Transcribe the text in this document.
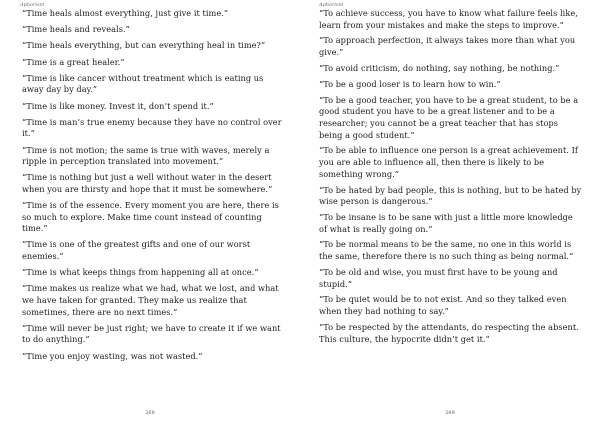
Aphorism

“Time heals almost everything, just give it time.”

“Time heals and reveals.”

“Time heals everything, but can everything heal in time?”

“Time is a great healer.”

“Time is like cancer without treatment which is eating us away day by day.”

“Time is like money. Invest it, don’t spend it.”

“Time is man’s true enemy because they have no control over it.”

“Time is not motion; the same is true with waves, merely a ripple in perception translated into movement.”

“Time is nothing but just a well without water in the desert when you are thirsty and hope that it must be somewhere.”

“Time is of the essence. Every moment you are here, there is so much to explore. Make time count instead of counting time.”

“Time is one of the greatest gifts and one of our worst enemies.”

“Time is what keeps things from happening all at once.”

“Time makes us realize what we had, what we lost, and what we have taken for granted. They make us realize that sometimes, there are no next times.”

“Time will never be just right; we have to create it if we want to do anything.”

“Time you enjoy wasting, was not wasted.”

268
Aphorism

“To achieve success, you have to know what failure feels like, learn from your mistakes and make the steps to improve.”

“To approach perfection, it always takes more than what you give.”

“To avoid criticism, do nothing, say nothing, be nothing.”

“To be a good loser is to learn how to win.”

“To be a good teacher, you have to be a great student, to be a good student you have to be a great listener and to be a researcher; you cannot be a great teacher that has stops being a good student.”

“To be able to influence one person is a great achievement. If you are able to influence all, then there is likely to be something wrong.”

“To be hated by bad people, this is nothing, but to be hated by wise person is dangerous.”

“To be insane is to be sane with just a little more knowledge of what is really going on.”

“To be normal means to be the same, no one in this world is the same, therefore there is no such thing as being normal.”

“To be old and wise, you must first have to be young and stupid.”

“To be quiet would be to not exist. And so they talked even when they had nothing to say.”

“To be respected by the attendants, do respecting the absent. This culture, the hypocrite didn’t get it.”

269
